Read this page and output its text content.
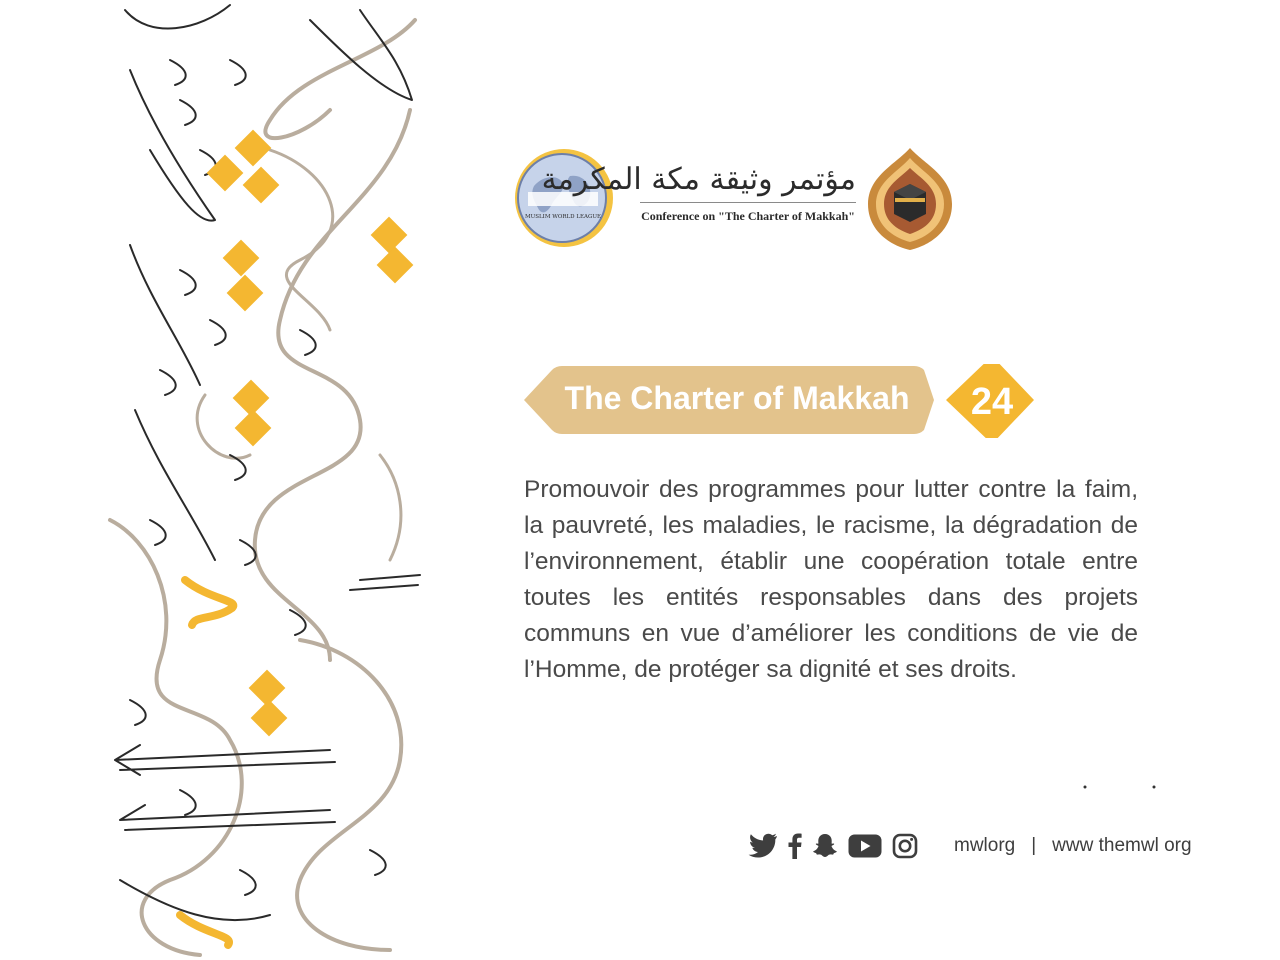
MUSLIM WORLD LEAGUE
مؤتمر وثيقة مكة المكرمة
Conference on "The Charter of Makkah"
The Charter of Makkah	24

Promouvoir des programmes pour lutter contre la faim, la pauvreté, les maladies, le racisme, la dégradation de l’environnement, établir une coopération totale entre toutes les entités responsables dans des projets communs en vue d’améliorer les conditions de vie de l’Homme, de protéger sa dignité et ses droits.

mwlorg | www themwl org
